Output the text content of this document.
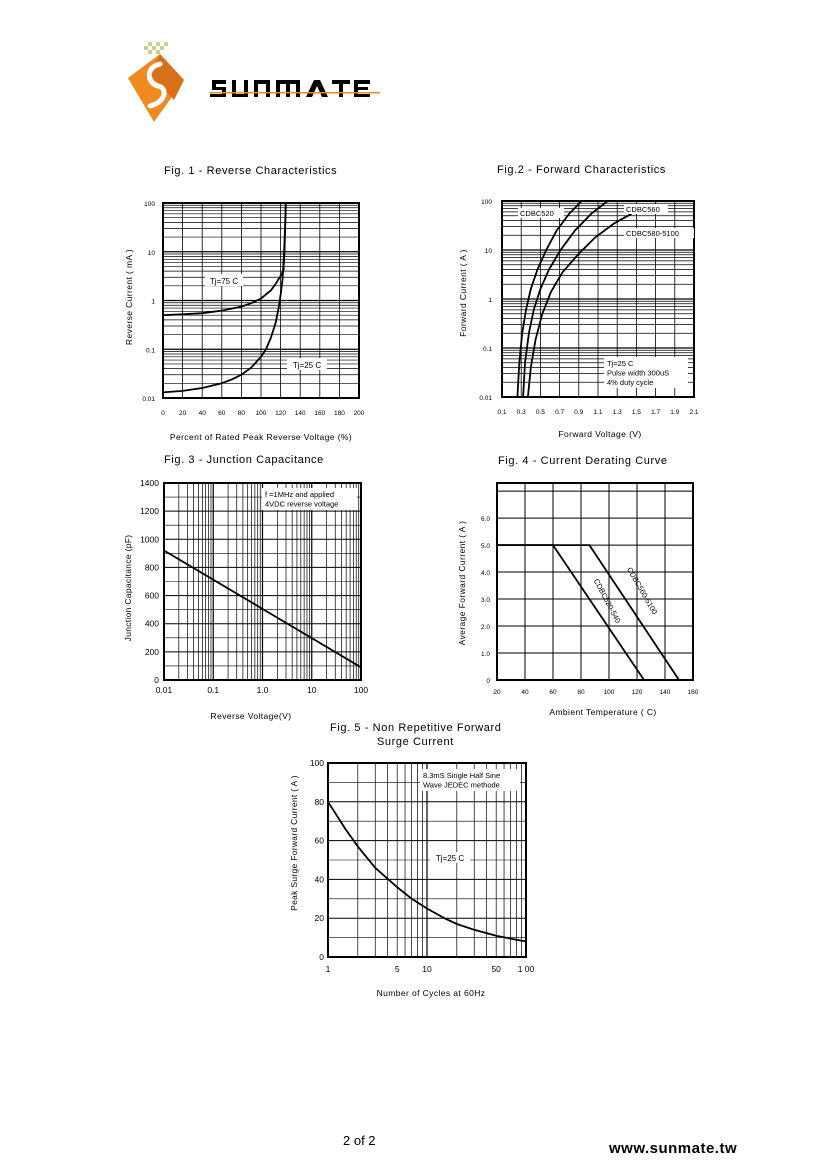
Fig. 1 - Reverse Characteristics	Fig.2 - Forward Characteristics
Fig. 3 - Junction Capacitance	Fig. 4 - Current Derating Curve
Fig. 5 - Non Repetitive Forward
Surge Current
0 20 40 60 80 100 120 140 160 180 200
100
10
1
0.1
0.01
Percent of Rated Peak Reverse Voltage (%)
Reverse Current ( mA )	Tj=75 C
Tj=25 C
0.1 0.3 0.5 0.7 0.9 1.1 1.3 1.5 1.7 1.9 2.1
100
10
1
0.1
0.01
Forward Voltage (V)
Forward Current ( A )
CDBC520	CDBC560
CDBC580-5100
Tj=25 C
Pulse width 300uS
4% duty cycle
0.01	0.1	1.0	10	100
1400
1200
1000
800
600
400
200
0
Reverse Voltage(V)
Junction Capacitance (pF)
f =1MHz and applied
4VDC reverse voltage
20	40	60	80	100	120	140	160
6.0
5.0
4.0
3.0
2.0
1.0
0
Ambient Temperature ( C)
Average Forward Current ( A )	CDBC520-540 CDBC560-5100
1	5	10	50 1 00
100
80
60
40
20
0
Number of Cycles at 60Hz
Peak Surge Forward Current ( A )	8.3mS Single Half Sine
Wave JEDEC methode
Tj=25 C
2 of 2	www.sunmate.tw
